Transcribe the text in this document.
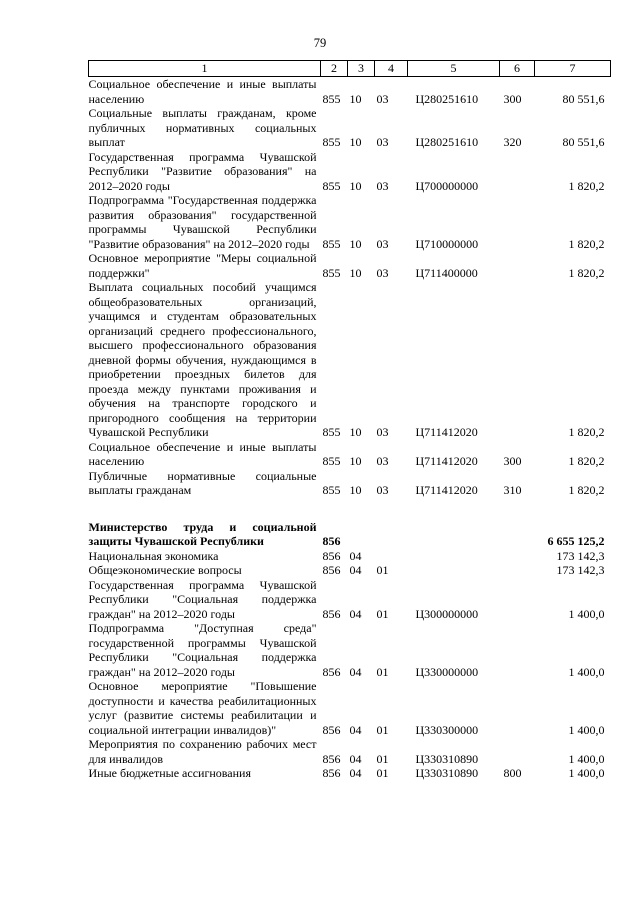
79
1	2	3	4	5	6	7
Социальное обеспечение и иные выплаты населению	855	10	03	Ц280251610	300	80 551,6
Социальные выплаты гражданам, кроме публичных нормативных социальных выплат	855	10	03	Ц280251610	320	80 551,6
Государственная программа Чувашской Республики "Развитие образования" на 2012–2020 годы	855	10	03	Ц700000000		1 820,2
Подпрограмма "Государственная поддержка развития образования" государственной программы Чувашской Республики "Развитие образования" на 2012–2020 годы	855	10	03	Ц710000000		1 820,2
Основное мероприятие "Меры социальной поддержки"	855	10	03	Ц711400000		1 820,2
Выплата социальных пособий учащимся общеобразовательных организаций, учащимся и студентам образовательных организаций среднего профессионального, высшего профессионального образования дневной формы обучения, нуждающимся в приобретении проездных билетов для проезда между пунктами проживания и обучения на транспорте городского и пригородного сообщения на территории Чувашской Республики	855	10	03	Ц711412020		1 820,2
Социальное обеспечение и иные выплаты населению	855	10	03	Ц711412020	300	1 820,2
Публичные нормативные социальные выплаты гражданам	855	10	03	Ц711412020	310	1 820,2

Министерство труда и социальной защиты Чувашской Республики	856					6 655 125,2
Национальная экономика	856	04				173 142,3
Общеэкономические вопросы	856	04	01			173 142,3
Государственная программа Чувашской Республики "Социальная поддержка граждан" на 2012–2020 годы	856	04	01	Ц300000000		1 400,0
Подпрограмма "Доступная среда" государственной программы Чувашской Республики "Социальная поддержка граждан" на 2012–2020 годы	856	04	01	Ц330000000		1 400,0
Основное мероприятие "Повышение доступности и качества реабилитационных услуг (развитие системы реабилитации и социальной интеграции инвалидов)"	856	04	01	Ц330300000		1 400,0
Мероприятия по сохранению рабочих мест для инвалидов	856	04	01	Ц330310890		1 400,0
Иные бюджетные ассигнования	856	04	01	Ц330310890	800	1 400,0
